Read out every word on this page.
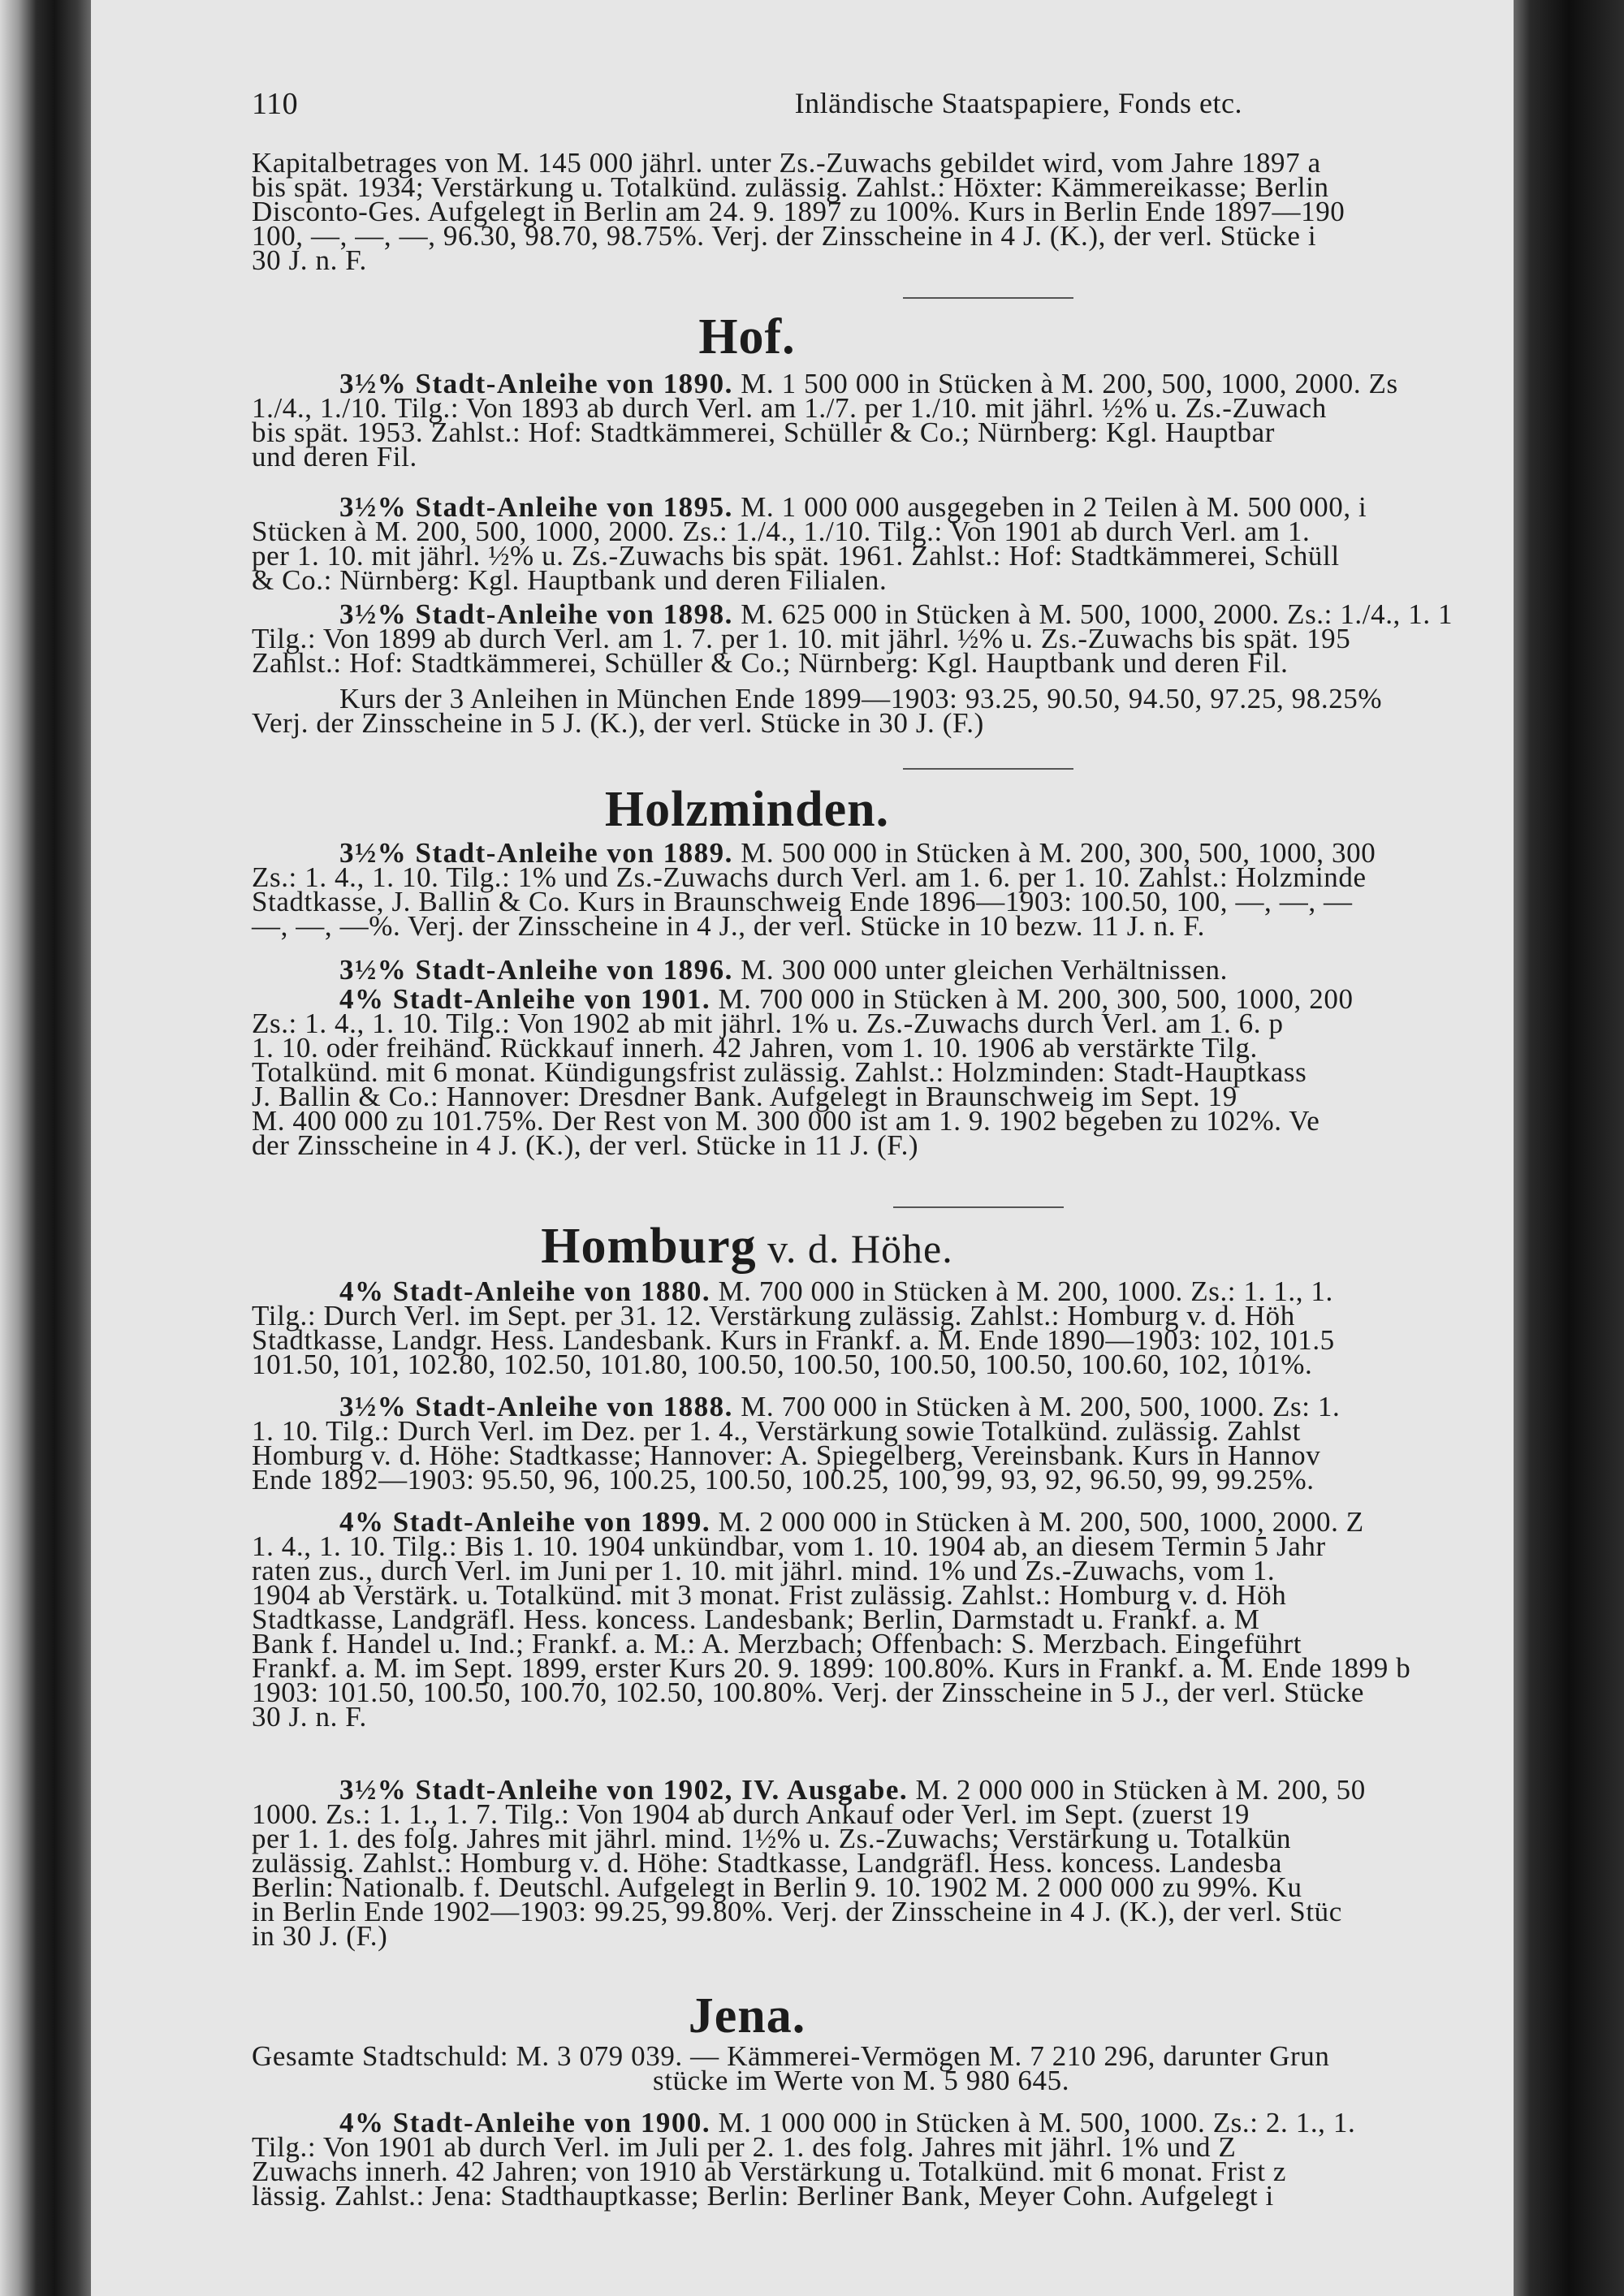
110	Inländische Staatspapiere, Fonds etc.
Kapitalbetrages von M. 145 000 jährl. unter Zs.-Zuwachs gebildet wird, vom Jahre 1897 a
bis spät. 1934; Verstärkung u. Totalkünd. zulässig. Zahlst.: Höxter: Kämmereikasse; Berlin
Disconto-Ges. Aufgelegt in Berlin am 24. 9. 1897 zu 100%. Kurs in Berlin Ende 1897—190
100, —, —, —, 96.30, 98.70, 98.75%. Verj. der Zinsscheine in 4 J. (K.), der verl. Stücke i
30 J. n. F.
Hof.
3½% Stadt-Anleihe von 1890. M. 1 500 000 in Stücken à M. 200, 500, 1000, 2000. Zs
1./4., 1./10. Tilg.: Von 1893 ab durch Verl. am 1./7. per 1./10. mit jährl. ½% u. Zs.-Zuwach
bis spät. 1953. Zahlst.: Hof: Stadtkämmerei, Schüller & Co.; Nürnberg: Kgl. Hauptbar
und deren Fil.
3½% Stadt-Anleihe von 1895. M. 1 000 000 ausgegeben in 2 Teilen à M. 500 000, i
Stücken à M. 200, 500, 1000, 2000. Zs.: 1./4., 1./10. Tilg.: Von 1901 ab durch Verl. am 1.
per 1. 10. mit jährl. ½% u. Zs.-Zuwachs bis spät. 1961. Zahlst.: Hof: Stadtkämmerei, Schüll
& Co.: Nürnberg: Kgl. Hauptbank und deren Filialen.
3½% Stadt-Anleihe von 1898. M. 625 000 in Stücken à M. 500, 1000, 2000. Zs.: 1./4., 1. 1
Tilg.: Von 1899 ab durch Verl. am 1. 7. per 1. 10. mit jährl. ½% u. Zs.-Zuwachs bis spät. 195
Zahlst.: Hof: Stadtkämmerei, Schüller & Co.; Nürnberg: Kgl. Hauptbank und deren Fil.
Kurs der 3 Anleihen in München Ende 1899—1903: 93.25, 90.50, 94.50, 97.25, 98.25%
Verj. der Zinsscheine in 5 J. (K.), der verl. Stücke in 30 J. (F.)
Holzminden.
3½% Stadt-Anleihe von 1889. M. 500 000 in Stücken à M. 200, 300, 500, 1000, 300
Zs.: 1. 4., 1. 10. Tilg.: 1% und Zs.-Zuwachs durch Verl. am 1. 6. per 1. 10. Zahlst.: Holzminde
Stadtkasse, J. Ballin & Co. Kurs in Braunschweig Ende 1896—1903: 100.50, 100, —, —, —
—, —, —%. Verj. der Zinsscheine in 4 J., der verl. Stücke in 10 bezw. 11 J. n. F.
3½% Stadt-Anleihe von 1896. M. 300 000 unter gleichen Verhältnissen.
4% Stadt-Anleihe von 1901. M. 700 000 in Stücken à M. 200, 300, 500, 1000, 200
Zs.: 1. 4., 1. 10. Tilg.: Von 1902 ab mit jährl. 1% u. Zs.-Zuwachs durch Verl. am 1. 6. p
1. 10. oder freihänd. Rückkauf innerh. 42 Jahren, vom 1. 10. 1906 ab verstärkte Tilg.
Totalkünd. mit 6 monat. Kündigungsfrist zulässig. Zahlst.: Holzminden: Stadt-Hauptkass
J. Ballin & Co.: Hannover: Dresdner Bank. Aufgelegt in Braunschweig im Sept. 19
M. 400 000 zu 101.75%. Der Rest von M. 300 000 ist am 1. 9. 1902 begeben zu 102%. Ve
der Zinsscheine in 4 J. (K.), der verl. Stücke in 11 J. (F.)
Homburg v. d. Höhe.
4% Stadt-Anleihe von 1880. M. 700 000 in Stücken à M. 200, 1000. Zs.: 1. 1., 1.
Tilg.: Durch Verl. im Sept. per 31. 12. Verstärkung zulässig. Zahlst.: Homburg v. d. Höh
Stadtkasse, Landgr. Hess. Landesbank. Kurs in Frankf. a. M. Ende 1890—1903: 102, 101.5
101.50, 101, 102.80, 102.50, 101.80, 100.50, 100.50, 100.50, 100.50, 100.60, 102, 101%.
3½% Stadt-Anleihe von 1888. M. 700 000 in Stücken à M. 200, 500, 1000. Zs: 1.
1. 10. Tilg.: Durch Verl. im Dez. per 1. 4., Verstärkung sowie Totalkünd. zulässig. Zahlst
Homburg v. d. Höhe: Stadtkasse; Hannover: A. Spiegelberg, Vereinsbank. Kurs in Hannov
Ende 1892—1903: 95.50, 96, 100.25, 100.50, 100.25, 100, 99, 93, 92, 96.50, 99, 99.25%.
4% Stadt-Anleihe von 1899. M. 2 000 000 in Stücken à M. 200, 500, 1000, 2000. Z
1. 4., 1. 10. Tilg.: Bis 1. 10. 1904 unkündbar, vom 1. 10. 1904 ab, an diesem Termin 5 Jahr
raten zus., durch Verl. im Juni per 1. 10. mit jährl. mind. 1% und Zs.-Zuwachs, vom 1.
1904 ab Verstärk. u. Totalkünd. mit 3 monat. Frist zulässig. Zahlst.: Homburg v. d. Höh
Stadtkasse, Landgräfl. Hess. koncess. Landesbank; Berlin, Darmstadt u. Frankf. a. M
Bank f. Handel u. Ind.; Frankf. a. M.: A. Merzbach; Offenbach: S. Merzbach. Eingeführt
Frankf. a. M. im Sept. 1899, erster Kurs 20. 9. 1899: 100.80%. Kurs in Frankf. a. M. Ende 1899 b
1903: 101.50, 100.50, 100.70, 102.50, 100.80%. Verj. der Zinsscheine in 5 J., der verl. Stücke
30 J. n. F.
3½% Stadt-Anleihe von 1902, IV. Ausgabe. M. 2 000 000 in Stücken à M. 200, 50
1000. Zs.: 1. 1., 1. 7. Tilg.: Von 1904 ab durch Ankauf oder Verl. im Sept. (zuerst 19
per 1. 1. des folg. Jahres mit jährl. mind. 1½% u. Zs.-Zuwachs; Verstärkung u. Totalkün
zulässig. Zahlst.: Homburg v. d. Höhe: Stadtkasse, Landgräfl. Hess. koncess. Landesba
Berlin: Nationalb. f. Deutschl. Aufgelegt in Berlin 9. 10. 1902 M. 2 000 000 zu 99%. Ku
in Berlin Ende 1902—1903: 99.25, 99.80%. Verj. der Zinsscheine in 4 J. (K.), der verl. Stüc
in 30 J. (F.)
Jena.
Gesamte Stadtschuld: M. 3 079 039. — Kämmerei-Vermögen M. 7 210 296, darunter Grun
stücke im Werte von M. 5 980 645.
4% Stadt-Anleihe von 1900. M. 1 000 000 in Stücken à M. 500, 1000. Zs.: 2. 1., 1.
Tilg.: Von 1901 ab durch Verl. im Juli per 2. 1. des folg. Jahres mit jährl. 1% und Z
Zuwachs innerh. 42 Jahren; von 1910 ab Verstärkung u. Totalkünd. mit 6 monat. Frist z
lässig. Zahlst.: Jena: Stadthauptkasse; Berlin: Berliner Bank, Meyer Cohn. Aufgelegt i
